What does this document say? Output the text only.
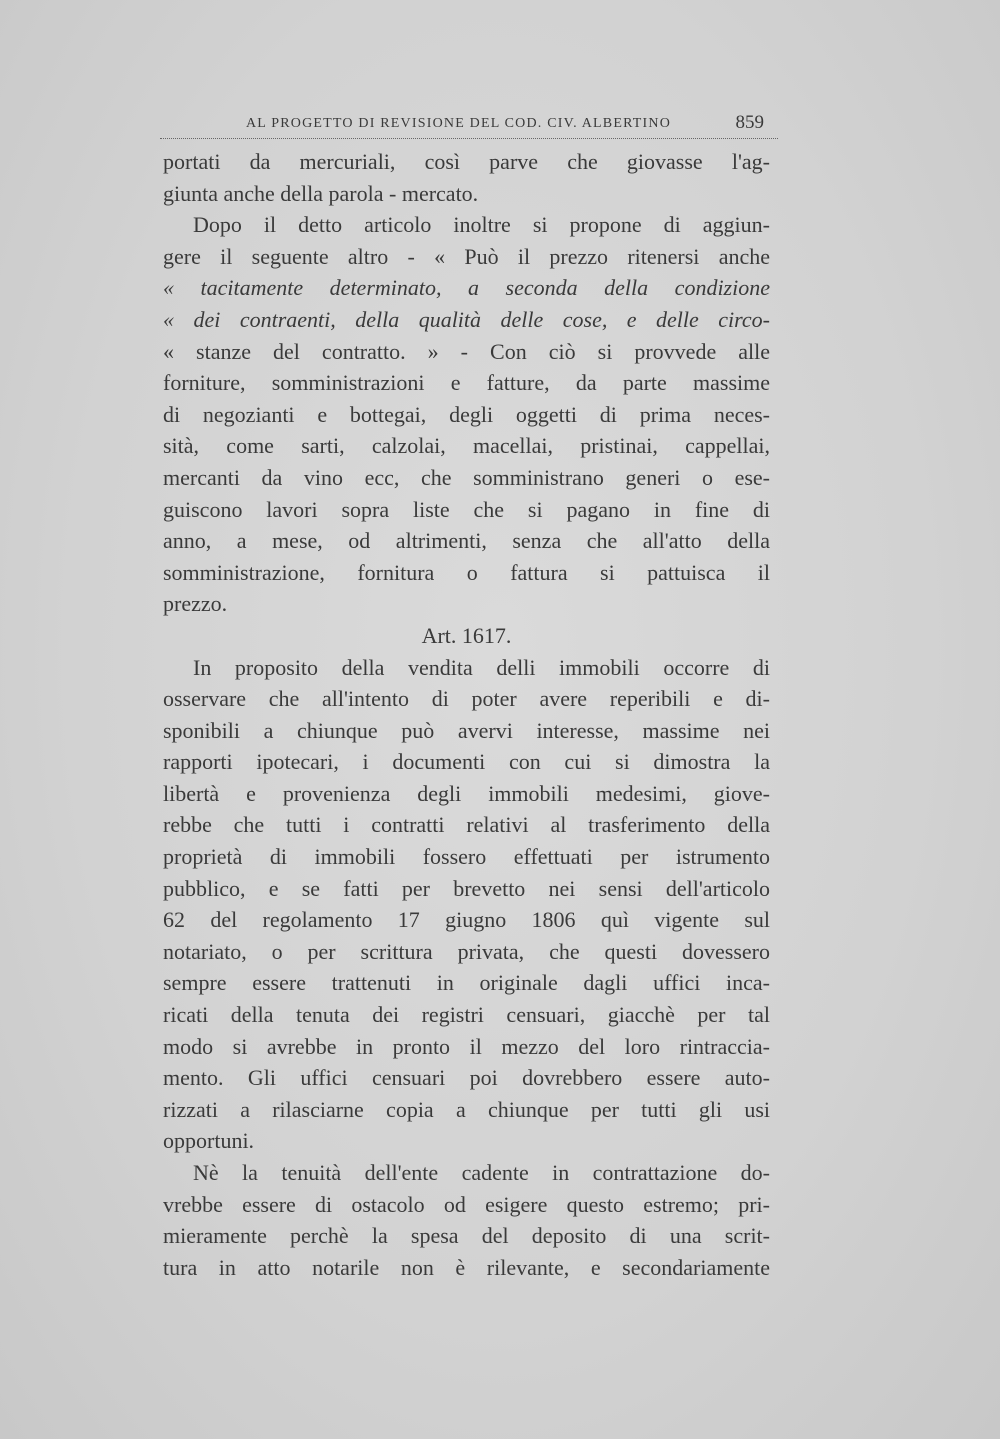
AL PROGETTO DI REVISIONE DEL COD. CIV. ALBERTINO	859
portati da mercuriali, così parve che giovasse l'ag-
giunta anche della parola - mercato.
Dopo il detto articolo inoltre si propone di aggiun-
gere il seguente altro - « Può il prezzo ritenersi anche
« tacitamente determinato, a seconda della condizione
« dei contraenti, della qualità delle cose, e delle circo-
« stanze del contratto. » - Con ciò si provvede alle
forniture, somministrazioni e fatture, da parte massime
di negozianti e bottegai, degli oggetti di prima neces-
sità, come sarti, calzolai, macellai, pristinai, cappellai,
mercanti da vino ecc, che somministrano generi o ese-
guiscono lavori sopra liste che si pagano in fine di
anno, a mese, od altrimenti, senza che all'atto della
somministrazione, fornitura o fattura si pattuisca il
prezzo.
Art. 1617.
In proposito della vendita delli immobili occorre di
osservare che all'intento di poter avere reperibili e di-
sponibili a chiunque può avervi interesse, massime nei
rapporti ipotecari, i documenti con cui si dimostra la
libertà e provenienza degli immobili medesimi, giove-
rebbe che tutti i contratti relativi al trasferimento della
proprietà di immobili fossero effettuati per istrumento
pubblico, e se fatti per brevetto nei sensi dell'articolo
62 del regolamento 17 giugno 1806 quì vigente sul
notariato, o per scrittura privata, che questi dovessero
sempre essere trattenuti in originale dagli uffici inca-
ricati della tenuta dei registri censuari, giacchè per tal
modo si avrebbe in pronto il mezzo del loro rintraccia-
mento. Gli uffici censuari poi dovrebbero essere auto-
rizzati a rilasciarne copia a chiunque per tutti gli usi
opportuni.
Nè la tenuità dell'ente cadente in contrattazione do-
vrebbe essere di ostacolo od esigere questo estremo; pri-
mieramente perchè la spesa del deposito di una scrit-
tura in atto notarile non è rilevante, e secondariamente
